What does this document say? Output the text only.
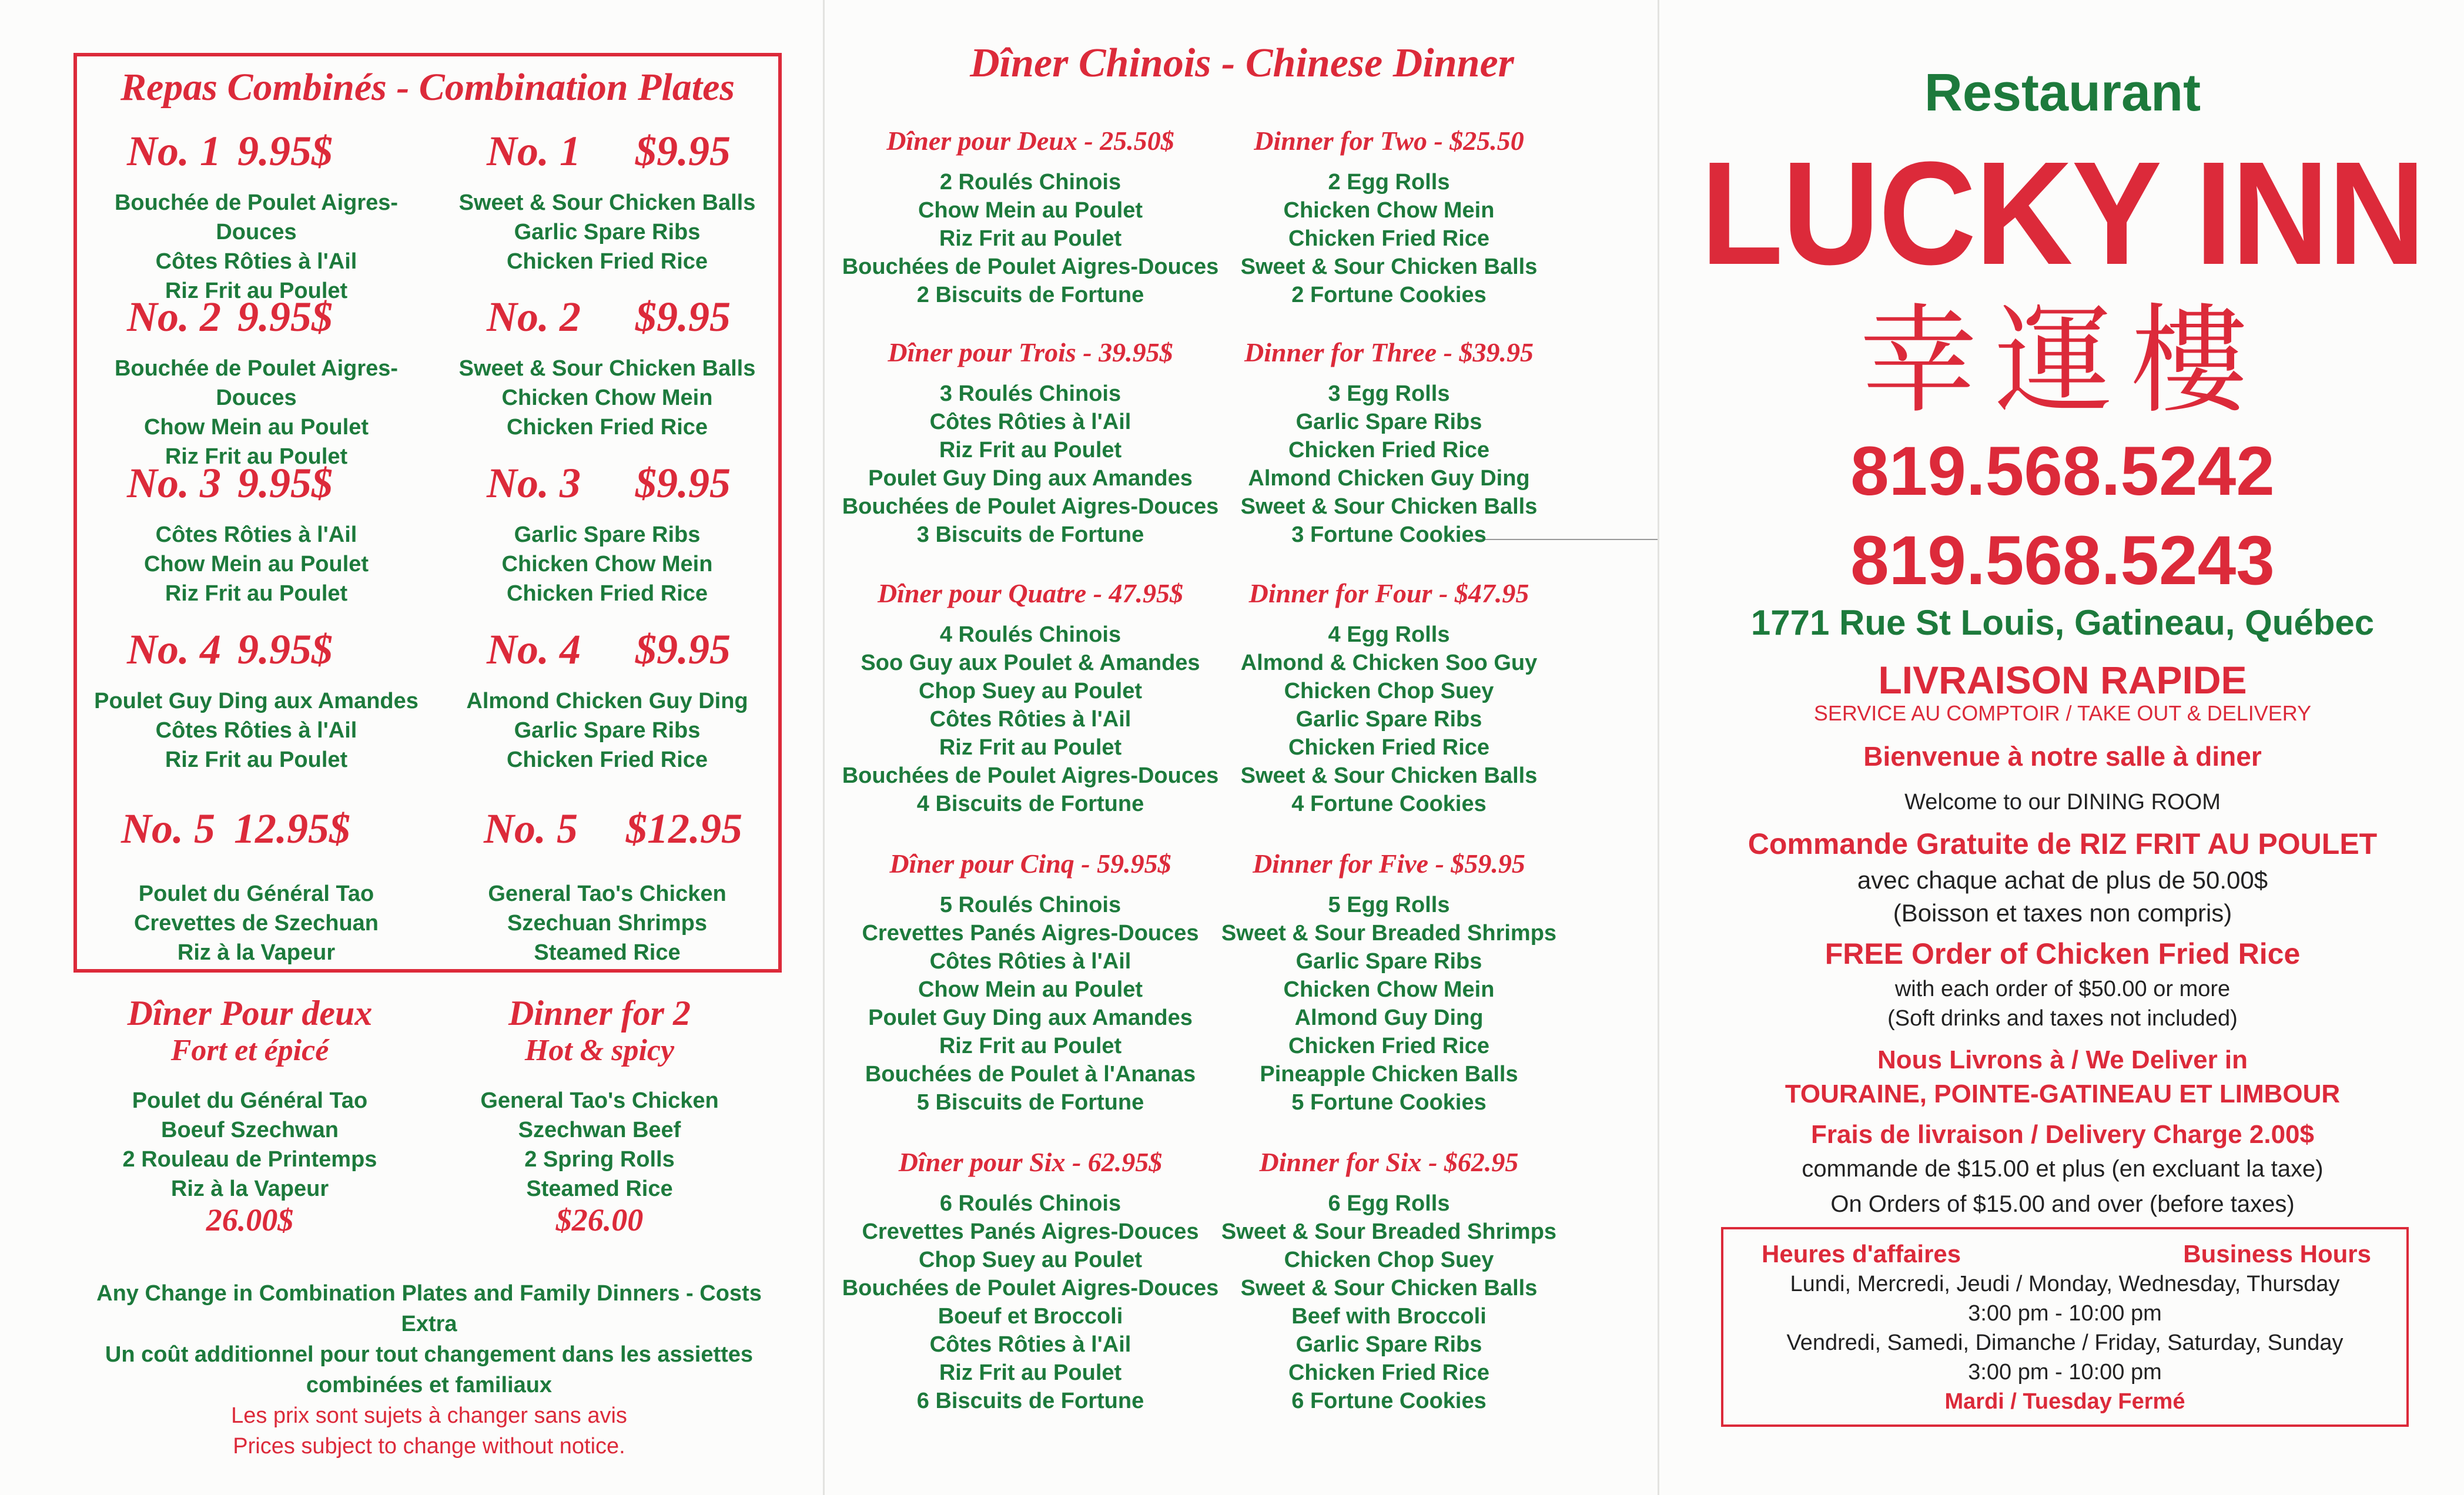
Repas Combinés - Combination Plates
No. 1 9.95$
Bouchée de Poulet Aigres-Douces
Côtes Rôties à l'Ail
Riz Frit au Poulet
No. 1 $9.95
Sweet & Sour Chicken Balls
Garlic Spare Ribs
Chicken Fried Rice
No. 2 9.95$
Bouchée de Poulet Aigres-Douces
Chow Mein au Poulet
Riz Frit au Poulet
No. 2 $9.95
Sweet & Sour Chicken Balls
Chicken Chow Mein
Chicken Fried Rice
No. 3 9.95$
Côtes Rôties à l'Ail
Chow Mein au Poulet
Riz Frit au Poulet
No. 3 $9.95
Garlic Spare Ribs
Chicken Chow Mein
Chicken Fried Rice
No. 4 9.95$
Poulet Guy Ding aux Amandes
Côtes Rôties à l'Ail
Riz Frit au Poulet
No. 4 $9.95
Almond Chicken Guy Ding
Garlic Spare Ribs
Chicken Fried Rice
No. 5 12.95$
Poulet du Général Tao
Crevettes de Szechuan
Riz à la Vapeur
No. 5 $12.95
General Tao's Chicken
Szechuan Shrimps
Steamed Rice
Dîner Pour deux
Fort et épicé
Poulet du Général Tao
Boeuf Szechwan
2 Rouleau de Printemps
Riz à la Vapeur
26.00$
Dinner for 2
Hot & spicy
General Tao's Chicken
Szechwan Beef
2 Spring Rolls
Steamed Rice
$26.00
Any Change in Combination Plates and Family Dinners - Costs Extra
Un coût additionnel pour tout changement dans les assiettes
combinées et familiaux
Les prix sont sujets à changer sans avis
Prices subject to change without notice.
Dîner Chinois - Chinese Dinner
Dîner pour Deux - 25.50$
2 Roulés Chinois
Chow Mein au Poulet
Riz Frit au Poulet
Bouchées de Poulet Aigres-Douces
2 Biscuits de Fortune
Dinner for Two - $25.50
2 Egg Rolls
Chicken Chow Mein
Chicken Fried Rice
Sweet & Sour Chicken Balls
2 Fortune Cookies
Dîner pour Trois - 39.95$
3 Roulés Chinois
Côtes Rôties à l'Ail
Riz Frit au Poulet
Poulet Guy Ding aux Amandes
Bouchées de Poulet Aigres-Douces
3 Biscuits de Fortune
Dinner for Three - $39.95
3 Egg Rolls
Garlic Spare Ribs
Chicken Fried Rice
Almond Chicken Guy Ding
Sweet & Sour Chicken Balls
3 Fortune Cookies
Dîner pour Quatre - 47.95$
4 Roulés Chinois
Soo Guy aux Poulet & Amandes
Chop Suey au Poulet
Côtes Rôties à l'Ail
Riz Frit au Poulet
Bouchées de Poulet Aigres-Douces
4 Biscuits de Fortune
Dinner for Four - $47.95
4 Egg Rolls
Almond & Chicken Soo Guy
Chicken Chop Suey
Garlic Spare Ribs
Chicken Fried Rice
Sweet & Sour Chicken Balls
4 Fortune Cookies
Dîner pour Cinq - 59.95$
5 Roulés Chinois
Crevettes Panés Aigres-Douces
Côtes Rôties à l'Ail
Chow Mein au Poulet
Poulet Guy Ding aux Amandes
Riz Frit au Poulet
Bouchées de Poulet à l'Ananas
5 Biscuits de Fortune
Dinner for Five - $59.95
5 Egg Rolls
Sweet & Sour Breaded Shrimps
Garlic Spare Ribs
Chicken Chow Mein
Almond Guy Ding
Chicken Fried Rice
Pineapple Chicken Balls
5 Fortune Cookies
Dîner pour Six - 62.95$
6 Roulés Chinois
Crevettes Panés Aigres-Douces
Chop Suey au Poulet
Bouchées de Poulet Aigres-Douces
Boeuf et Broccoli
Côtes Rôties à l'Ail
Riz Frit au Poulet
6 Biscuits de Fortune
Dinner for Six - $62.95
6 Egg Rolls
Sweet & Sour Breaded Shrimps
Chicken Chop Suey
Sweet & Sour Chicken Balls
Beef with Broccoli
Garlic Spare Ribs
Chicken Fried Rice
6 Fortune Cookies
Restaurant
LUCKY INN
幸運樓
819.568.5242
819.568.5243
1771 Rue St Louis, Gatineau, Québec
LIVRAISON RAPIDE
SERVICE AU COMPTOIR / TAKE OUT & DELIVERY
Bienvenue à notre salle à diner
Welcome to our DINING ROOM
Commande Gratuite de RIZ FRIT AU POULET
avec chaque achat de plus de 50.00$
(Boisson et taxes non compris)
FREE Order of Chicken Fried Rice
with each order of $50.00 or more
(Soft drinks and taxes not included)
Nous Livrons à / We Deliver in
TOURAINE, POINTE-GATINEAU ET LIMBOUR
Frais de livraison / Delivery Charge 2.00$
commande de $15.00 et plus (en excluant la taxe)
On Orders of $15.00 and over (before taxes)
Heures d'affaires	Business Hours
Lundi, Mercredi, Jeudi / Monday, Wednesday, Thursday
3:00 pm - 10:00 pm
Vendredi, Samedi, Dimanche / Friday, Saturday, Sunday
3:00 pm - 10:00 pm
Mardi / Tuesday Fermé
